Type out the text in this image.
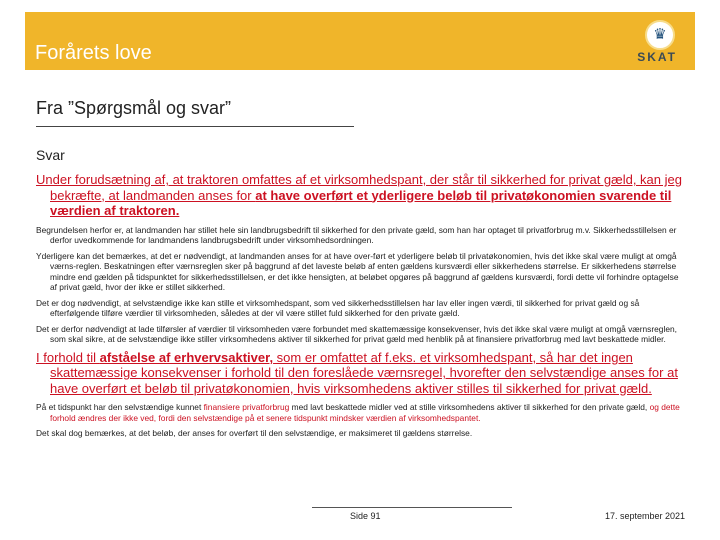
Forårets love
♛
SKAT
Fra ”Spørgsmål og svar”
Svar
Under forudsætning af, at traktoren omfattes af et virksomhedspant, der står til sikkerhed for privat gæld, kan jeg bekræfte, at landmanden anses for at have overført et yderligere beløb til privatøkonomien svarende til værdien af traktoren.
Begrundelsen herfor er, at landmanden har stillet hele sin landbrugsbedrift til sikkerhed for den private gæld, som han har optaget til privatforbrug m.v. Sikkerhedsstillelsen er derfor uvedkommende for landmandens landbrugsbedrift under virksomhedsordningen.
Yderligere kan det bemærkes, at det er nødvendigt, at landmanden anses for at have over-ført et yderligere beløb til privatøkonomien, hvis det ikke skal være muligt at omgå værns-reglen. Beskatningen efter værnsreglen sker på baggrund af det laveste beløb af enten gældens kursværdi eller sikkerhedens størrelse. Er sikkerhedens størrelse mindre end gælden på tidspunktet for sikkerhedsstillelsen, er det ikke hensigten, at beløbet opgøres på baggrund af gældens kursværdi, fordi dette vil forhindre optagelse af privat gæld, hvor der ikke er stillet sikkerhed.
Det er dog nødvendigt, at selvstændige ikke kan stille et virksomhedspant, som ved sikkerhedsstillelsen har lav eller ingen værdi, til sikkerhed for privat gæld og så efterfølgende tilføre værdier til virksomheden, således at der vil være stillet fuld sikkerhed for den private gæld.
Det er derfor nødvendigt at lade tilførsler af værdier til virksomheden være forbundet med skattemæssige konsekvenser, hvis det ikke skal være muligt at omgå værnsreglen, som skal sikre, at de selvstændige ikke stiller virksomhedens aktiver til sikkerhed for privat gæld med henblik på at finansiere privatforbrug med lavt beskattede midler.
I forhold til afståelse af erhvervsaktiver, som er omfattet af f.eks. et virksomhedspant, så har det ingen skattemæssige konsekvenser i forhold til den foreslåede værnsregel, hvorefter den selvstændige anses for at have overført et beløb til privatøkonomien, hvis virksomhedens aktiver stilles til sikkerhed for privat gæld.
På et tidspunkt har den selvstændige kunnet finansiere privatforbrug med lavt beskattede midler ved at stille virksomhedens aktiver til sikkerhed for den private gæld, og dette forhold ændres der ikke ved, fordi den selvstændige på et senere tidspunkt mindsker værdien af virksomhedspantet.
Det skal dog bemærkes, at det beløb, der anses for overført til den selvstændige, er maksimeret til gældens størrelse.
Side 91	17. september 2021
